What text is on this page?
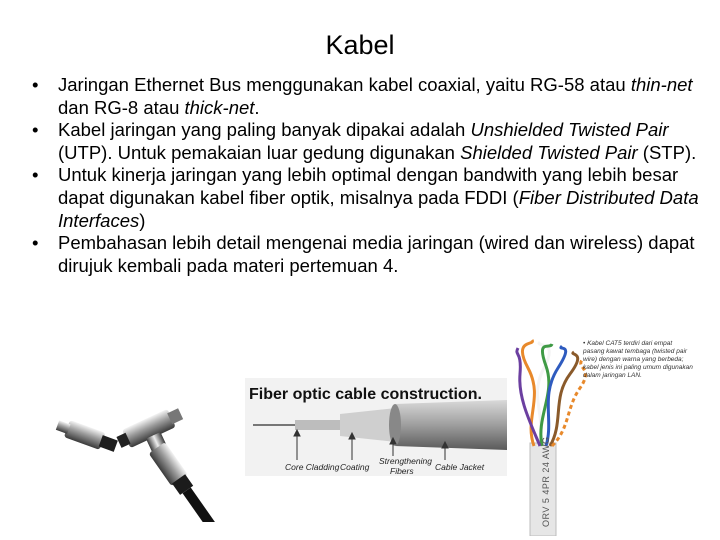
Kabel
• Jaringan Ethernet Bus menggunakan kabel coaxial, yaitu RG-58 atau thin-net dan RG-8 atau thick-net.
• Kabel jaringan yang paling banyak dipakai adalah Unshielded Twisted Pair (UTP). Untuk pemakaian luar gedung digunakan Shielded Twisted Pair (STP).
• Untuk kinerja jaringan yang lebih optimal dengan bandwith yang lebih besar dapat digunakan kabel fiber optik, misalnya pada FDDI (Fiber Distributed Data Interfaces)
• Pembahasan lebih detail mengenai media jaringan (wired dan wireless) dapat dirujuk kembali pada materi pertemuan 4.
Fiber optic cable construction.
Core Cladding Coating
Strengthening
Fibers	Cable Jacket
• Kabel CAT5 terdiri dari empat pasang kawat tembaga (twisted pair wire) dengan warna yang berbeda; kabel jenis ini paling umum digunakan dalam jaringan LAN.
ORV 5 4PR 24 AWG
